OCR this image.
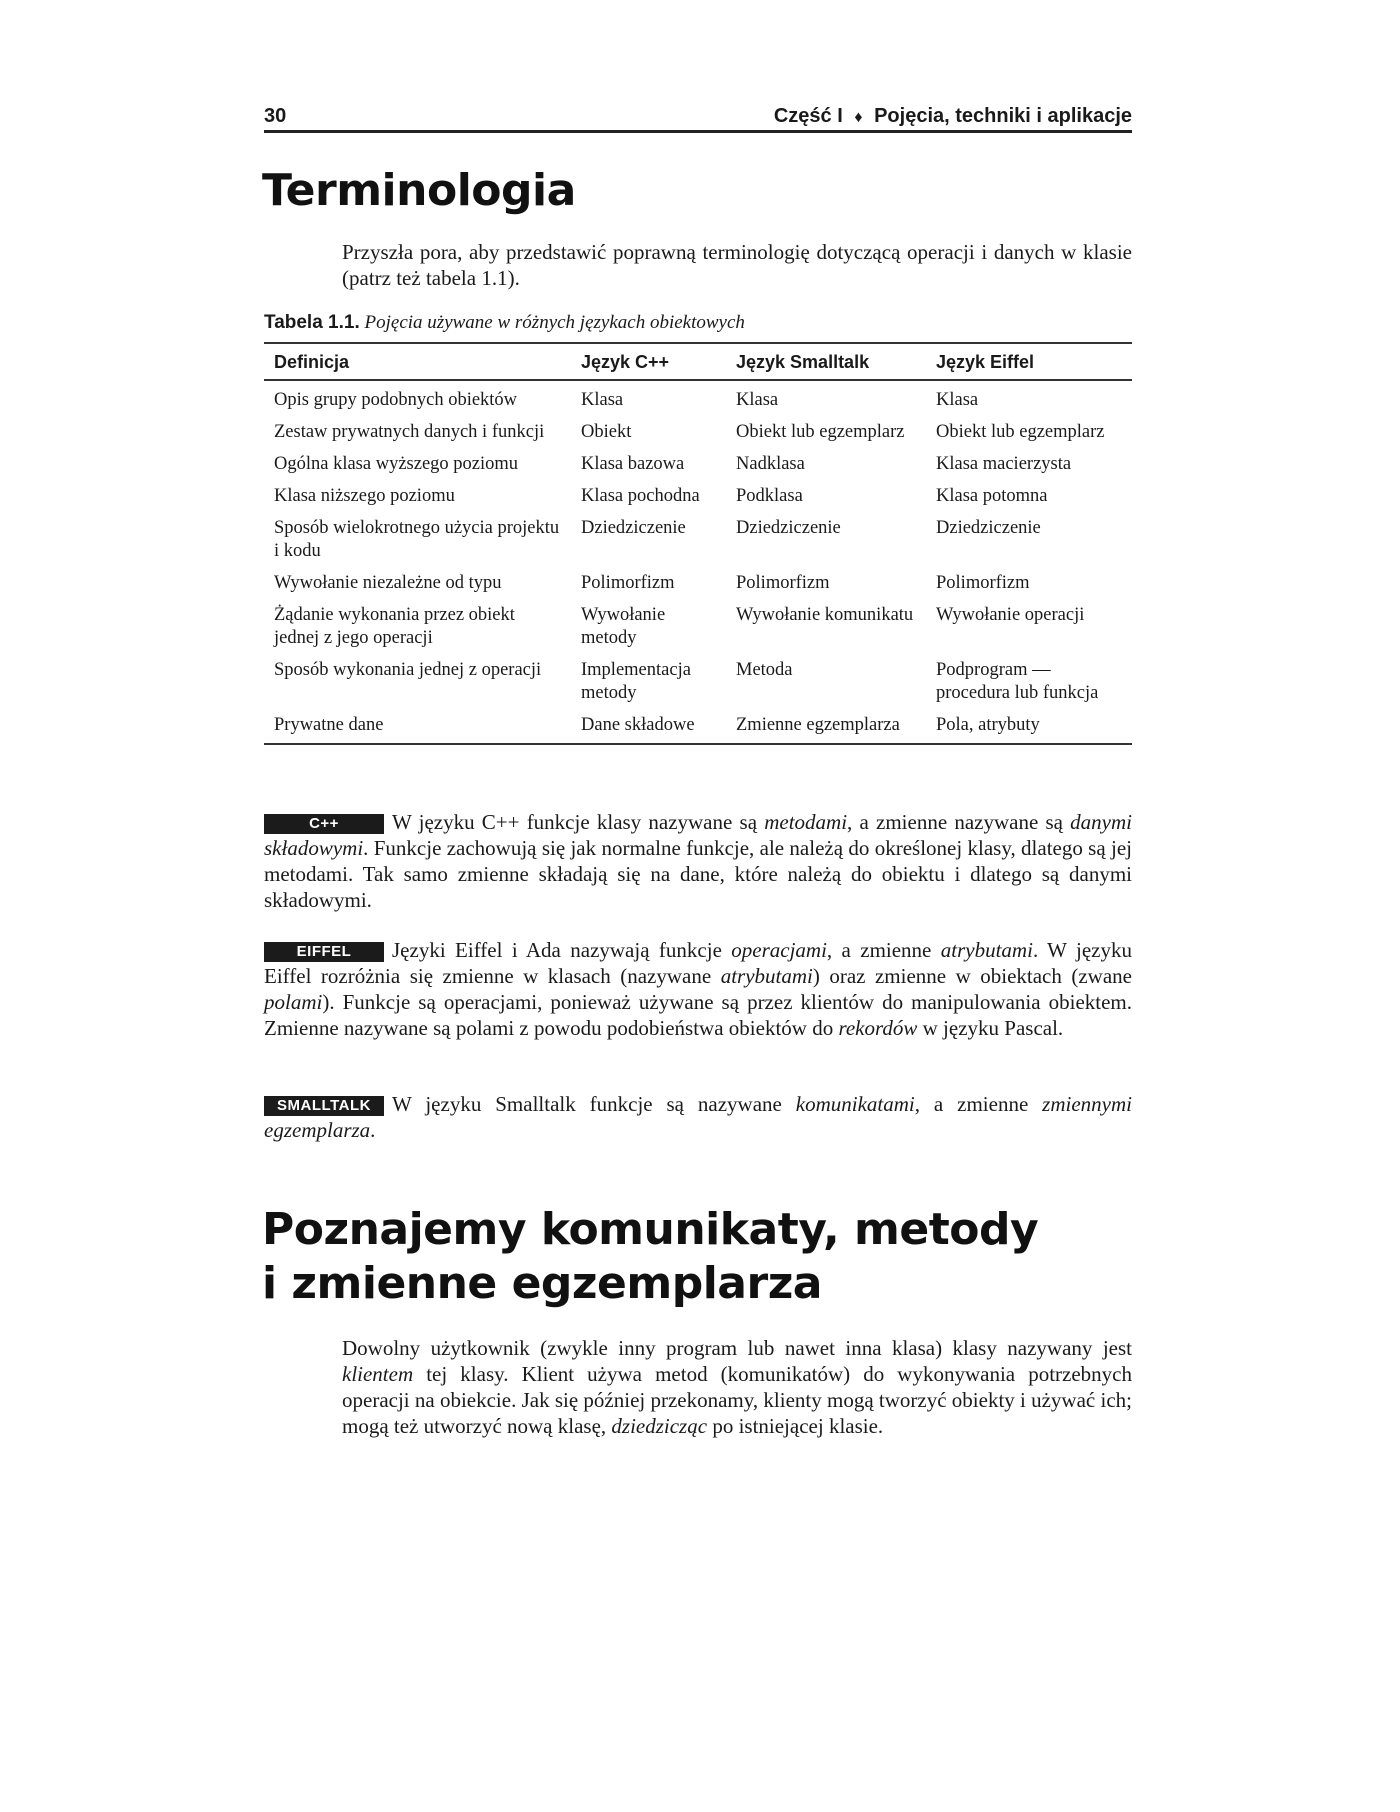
30	Część I ♦ Pojęcia, techniki i aplikacje
Terminologia

Przyszła pora, aby przedstawić poprawną terminologię dotyczącą operacji i danych w klasie (patrz też tabela 1.1).

Tabela 1.1. Pojęcia używane w różnych językach obiektowych
Definicja	Język C++	Język Smalltalk	Język Eiffel
Opis grupy podobnych obiektów	Klasa	Klasa	Klasa
Zestaw prywatnych danych i funkcji	Obiekt	Obiekt lub egzemplarz	Obiekt lub egzemplarz
Ogólna klasa wyższego poziomu	Klasa bazowa	Nadklasa	Klasa macierzysta
Klasa niższego poziomu	Klasa pochodna	Podklasa	Klasa potomna
Sposób wielokrotnego użycia projektu i kodu	Dziedziczenie	Dziedziczenie	Dziedziczenie
Wywołanie niezależne od typu	Polimorfizm	Polimorfizm	Polimorfizm
Żądanie wykonania przez obiekt jednej z jego operacji	Wywołanie metody	Wywołanie komunikatu	Wywołanie operacji
Sposób wykonania jednej z operacji	Implementacja metody	Metoda	Podprogram — procedura lub funkcja
Prywatne dane	Dane składowe	Zmienne egzemplarza	Pola, atrybuty

C++	W języku C++ funkcje klasy nazywane są metodami, a zmienne nazywane są danymi składowymi. Funkcje zachowują się jak normalne funkcje, ale należą do określonej klasy, dlatego są jej metodami. Tak samo zmienne składają się na dane, które należą do obiektu i dlatego są danymi składowymi.

EIFFEL Języki Eiffel i Ada nazywają funkcje operacjami, a zmienne atrybutami. W języku Eiffel rozróżnia się zmienne w klasach (nazywane atrybutami) oraz zmienne w obiektach (zwane polami). Funkcje są operacjami, ponieważ używane są przez klientów do manipulowania obiektem. Zmienne nazywane są polami z powodu podobieństwa obiektów do rekordów w języku Pascal.

SMALLTALK W języku Smalltalk funkcje są nazywane komunikatami, a zmienne zmiennymi egzemplarza.

Poznajemy komunikaty, metody
i zmienne egzemplarza

Dowolny użytkownik (zwykle inny program lub nawet inna klasa) klasy nazywany jest klientem tej klasy. Klient używa metod (komunikatów) do wykonywania potrzebnych operacji na obiekcie. Jak się później przekonamy, klienty mogą tworzyć obiekty i używać ich; mogą też utworzyć nową klasę, dziedzicząc po istniejącej klasie.
